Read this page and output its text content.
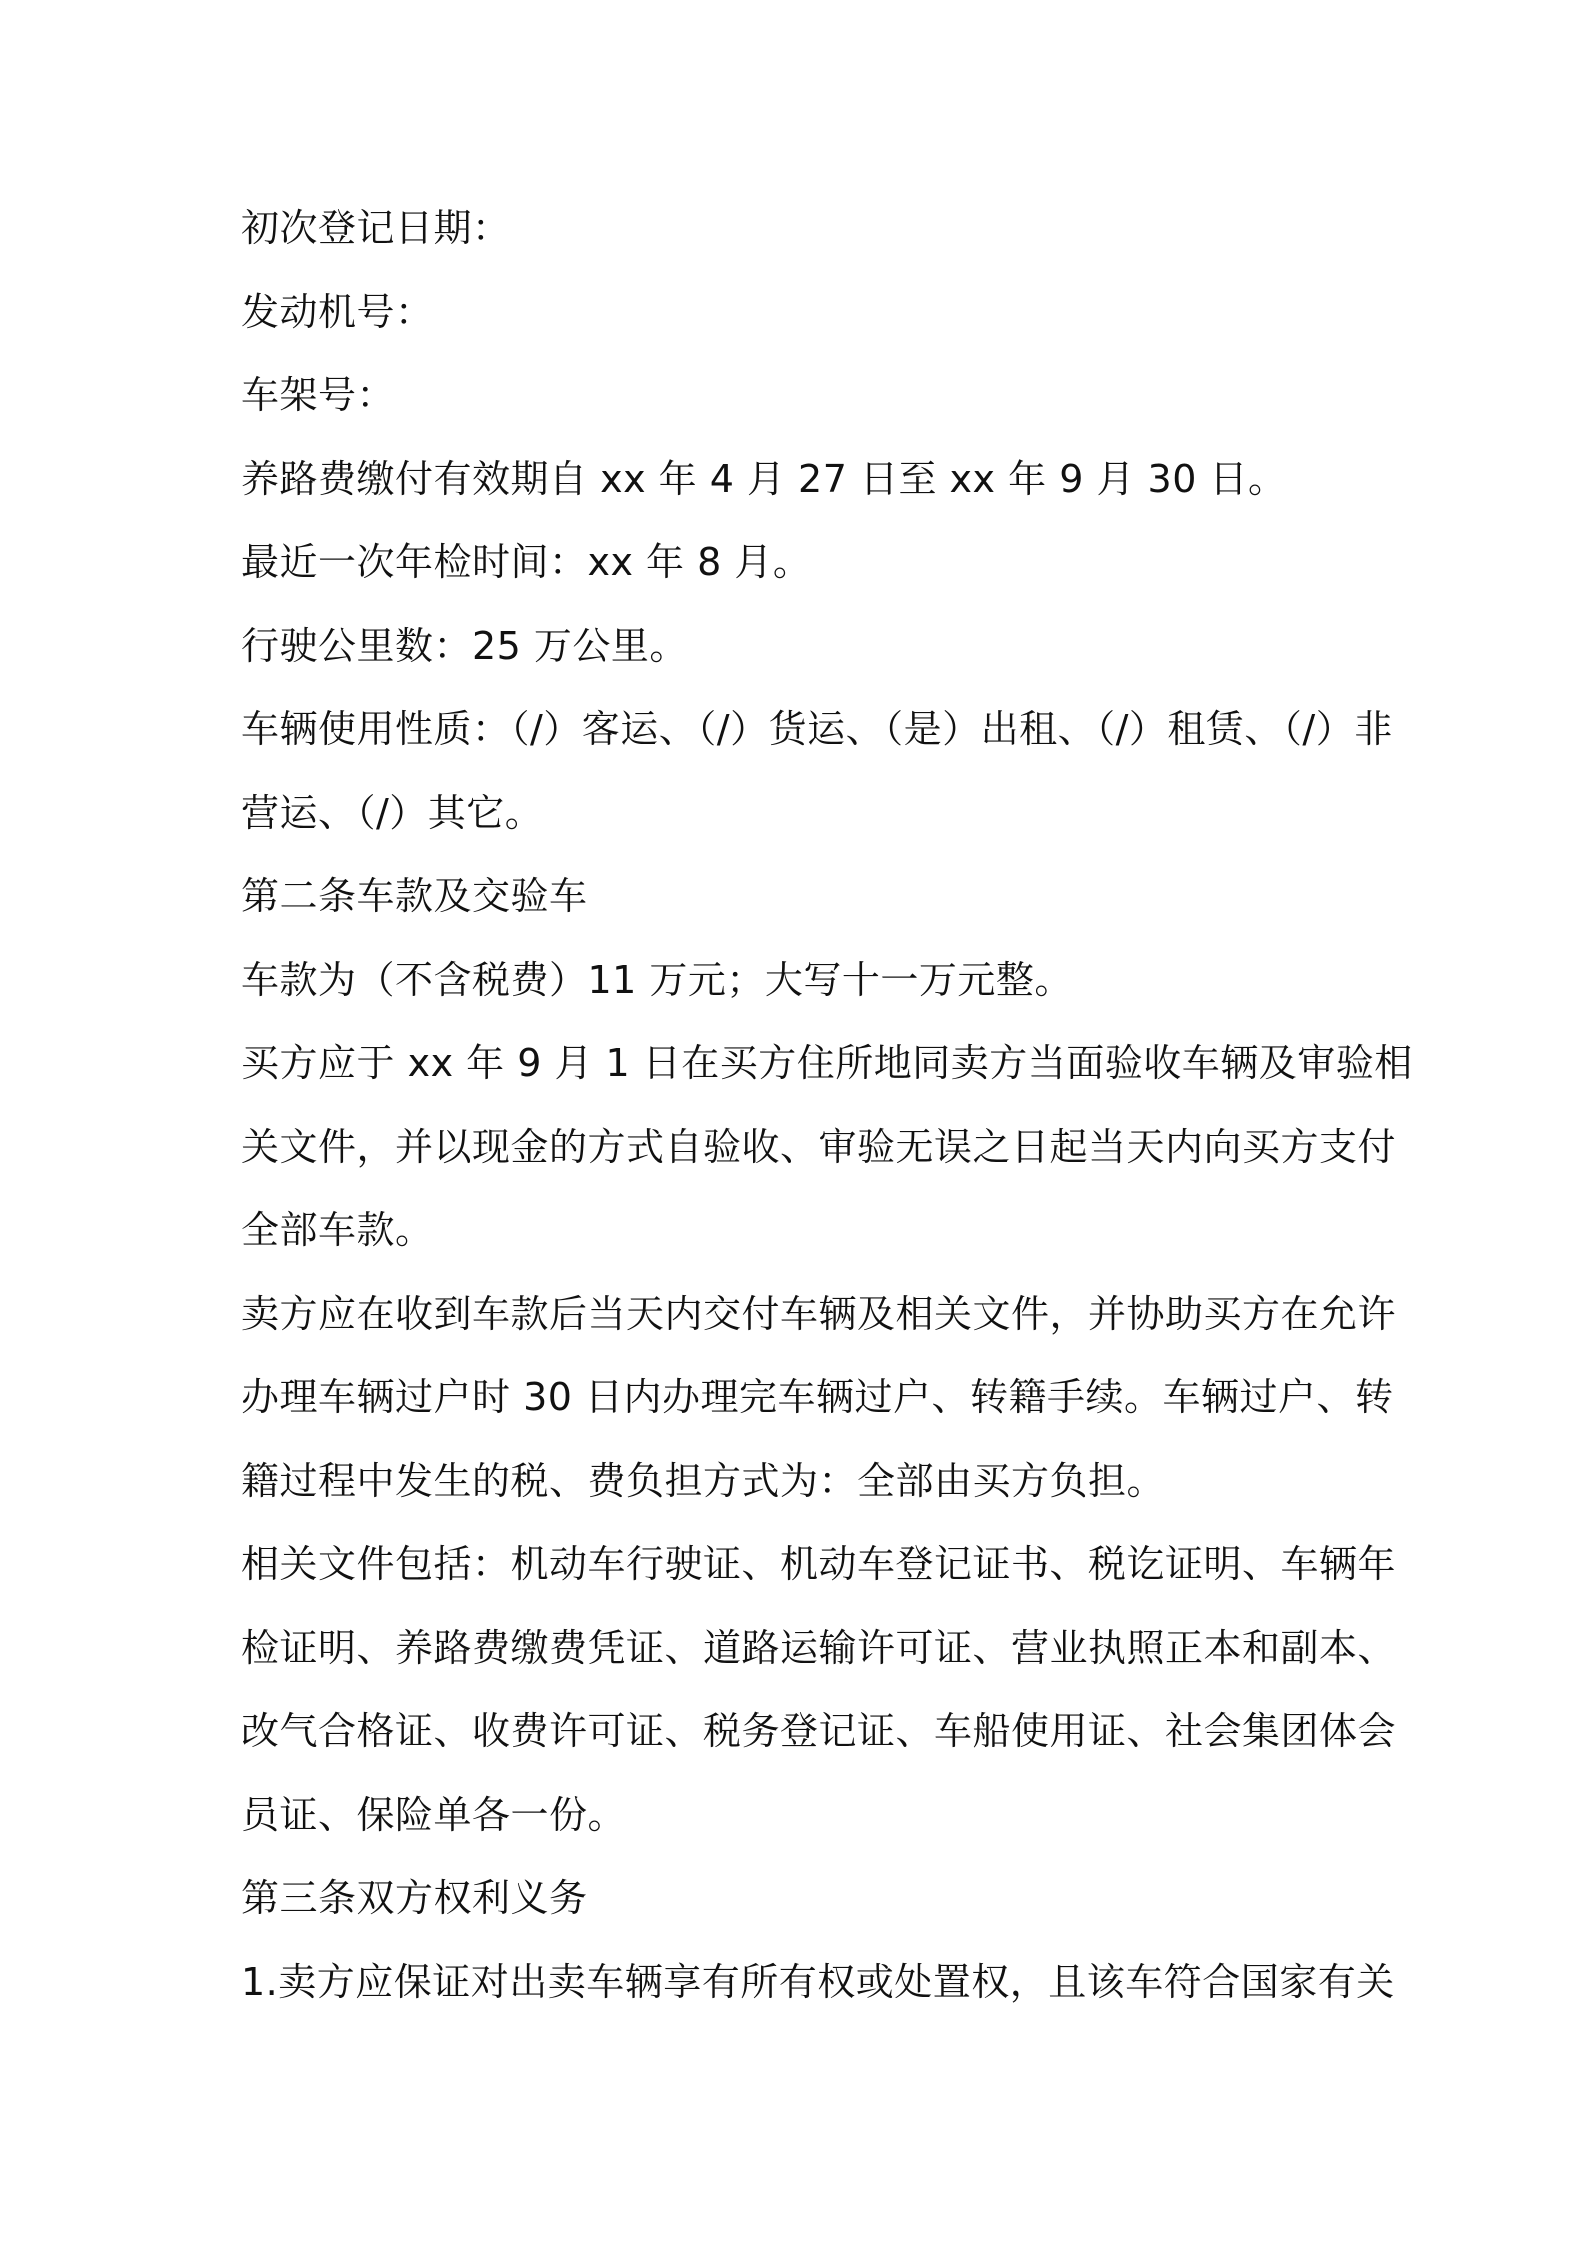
初次登记日期：
发动机号：
车架号：
养路费缴付有效期自 xx 年 4 月 27 日至 xx 年 9 月 30 日。
最近一次年检时间：xx 年 8 月。
行驶公里数：25 万公里。
车辆使用性质：（/）客运、（/）货运、（是）出租、（/）租赁、（/）非
营运、（/）其它。
第二条车款及交验车
车款为（不含税费）11 万元；大写十一万元整。
买方应于 xx 年 9 月 1 日在买方住所地同卖方当面验收车辆及审验相
关文件，并以现金的方式自验收、审验无误之日起当天内向买方支付
全部车款。
卖方应在收到车款后当天内交付车辆及相关文件，并协助买方在允许
办理车辆过户时 30 日内办理完车辆过户、转籍手续。车辆过户、转
籍过程中发生的税、费负担方式为：全部由买方负担。
相关文件包括：机动车行驶证、机动车登记证书、税讫证明、车辆年
检证明、养路费缴费凭证、道路运输许可证、营业执照正本和副本、
改气合格证、收费许可证、税务登记证、车船使用证、社会集团体会
员证、保险单各一份。
第三条双方权利义务
1.卖方应保证对出卖车辆享有所有权或处置权，且该车符合国家有关
